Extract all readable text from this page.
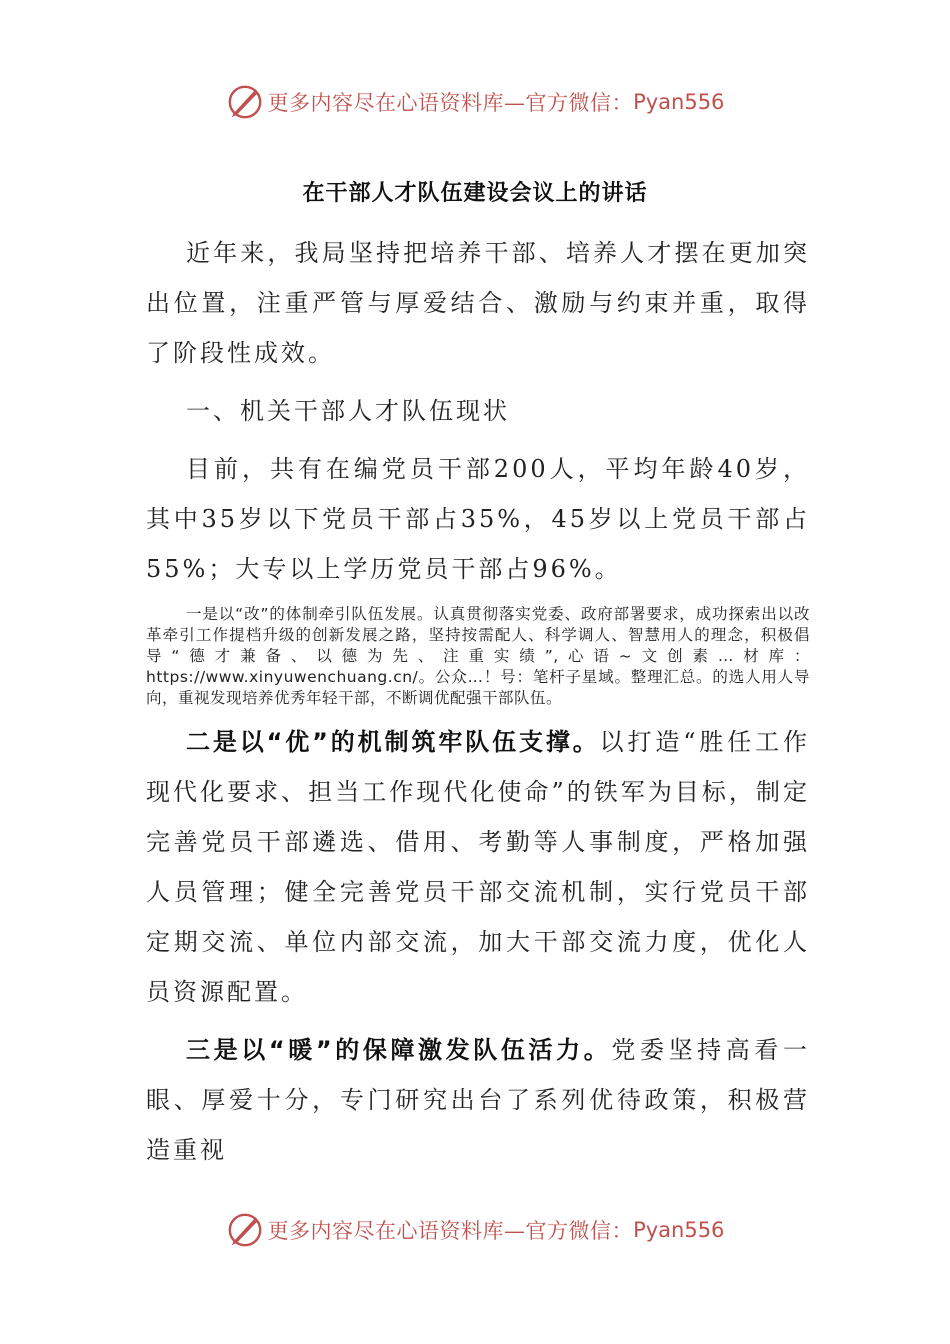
更多内容尽在心语资料库—官方微信： Pyan556
在干部人才队伍建设会议上的讲话

近年来，我局坚持把培养干部、培养人才摆在更加突出位置，注重严管与厚爱结合、激励与约束并重，取得了阶段性成效。

一、机关干部人才队伍现状

目前，共有在编党员干部200人，平均年龄40岁，其中35岁以下党员干部占35%，45岁以上党员干部占55%；大专以上学历党员干部占96%。

一是以“改”的体制牵引队伍发展。认真贯彻落实党委、政府部署要求，成功探索出以改革牵引工作提档升级的创新发展之路，坚持按需配人、科学调人、智慧用人的理念，积极倡导“德才兼备、以德为先、注重实绩”,心语~文创素…材库：https://www.xinyuwenchuang.cn/。公众…！号：笔杆子星域。整理汇总。的选人用人导向，重视发现培养优秀年轻干部，不断调优配强干部队伍。

二是以“优”的机制筑牢队伍支撑。以打造“胜任工作现代化要求、担当工作现代化使命”的铁军为目标，制定完善党员干部遴选、借用、考勤等人事制度，严格加强人员管理；健全完善党员干部交流机制，实行党员干部定期交流、单位内部交流，加大干部交流力度，优化人员资源配置。

三是以“暖”的保障激发队伍活力。党委坚持高看一眼、厚爱十分，专门研究出台了系列优待政策，积极营造重视

更多内容尽在心语资料库—官方微信： Pyan556
